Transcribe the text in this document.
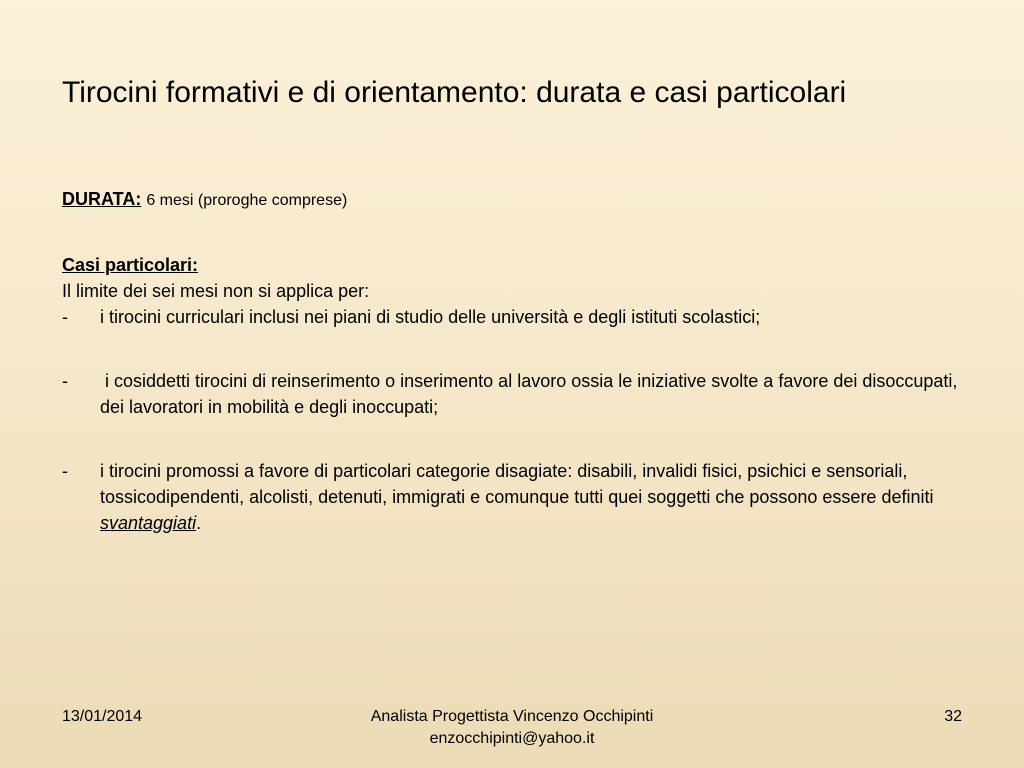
Tirocini formativi e di orientamento: durata e casi particolari
DURATA: 6 mesi (proroghe comprese)
Casi particolari:
Il limite dei sei mesi non si applica per:
- i tirocini curriculari inclusi nei piani di studio delle università e degli istituti scolastici;
- i cosiddetti tirocini di reinserimento o inserimento al lavoro ossia le iniziative svolte a favore dei disoccupati, dei lavoratori in mobilità e degli inoccupati;
- i tirocini promossi a favore di particolari categorie disagiate: disabili, invalidi fisici, psichici e sensoriali, tossicodipendenti, alcolisti, detenuti, immigrati e comunque tutti quei soggetti che possono essere definiti svantaggiati.
13/01/2014	Analista Progettista Vincenzo Occhipinti
enzocchipinti@yahoo.it
32
